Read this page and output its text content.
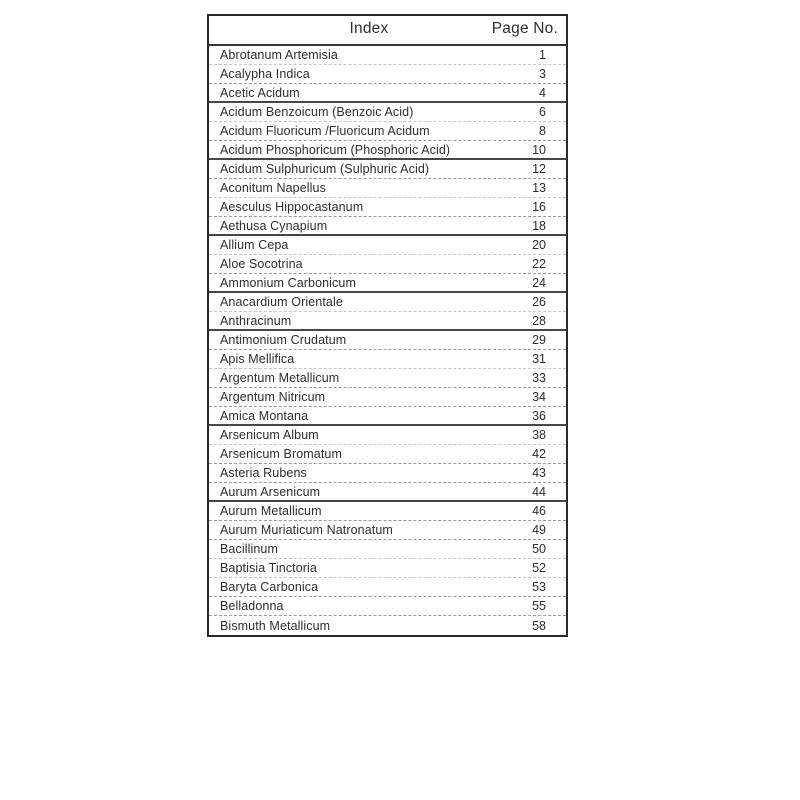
Index	Page No.
Abrotanum Artemisia	1
Acalypha Indica	3
Acetic Acidum	4
Acidum Benzoicum (Benzoic Acid)	6
Acidum Fluoricum /Fluoricum Acidum	8
Acidum Phosphoricum (Phosphoric Acid)	10
Acidum Sulphuricum (Sulphuric Acid)	12
Aconitum Napellus	13
Aesculus Hippocastanum	16
Aethusa Cynapium	18
Allium Cepa	20
Aloe Socotrina	22
Ammonium Carbonicum	24
Anacardium Orientale	26
Anthracinum	28
Antimonium Crudatum	29
Apis Mellifica	31
Argentum Metallicum	33
Argentum Nitricum	34
Amica Montana	36
Arsenicum Album	38
Arsenicum Bromatum	42
Asteria Rubens	43
Aurum Arsenicum	44
Aurum Metallicum	46
Aurum Muriaticum Natronatum	49
Bacillinum	50
Baptisia Tinctoria	52
Baryta Carbonica	53
Belladonna	55
Bismuth Metallicum	58
